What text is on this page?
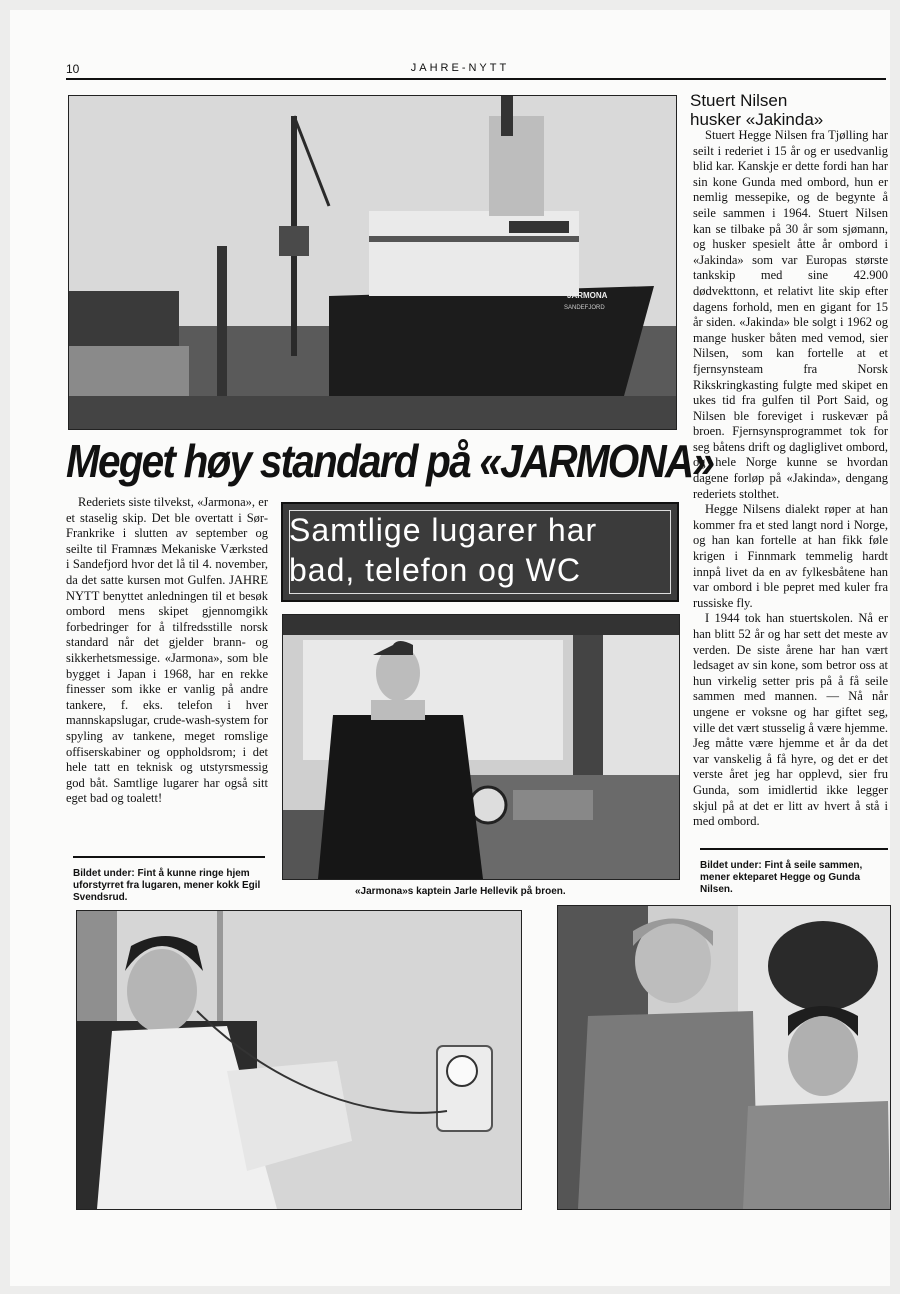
10	JAHRE-NYTT
JARMONA
SANDEFJORD
Meget høy standard på «JARMONA»

Rederiets siste tilvekst, «Jarmona», er et staselig skip. Det ble overtatt i Sør-Frankrike i slutten av september og seilte til Framnæs Mekaniske Værksted i Sandefjord hvor det lå til 4. november, da det satte kursen mot Gulfen. JAHRE NYTT benyttet anledningen til et besøk ombord mens skipet gjennomgikk forbedringer for å tilfredsstille norsk standard når det gjelder brann- og sikkerhetsmessige. «Jarmona», som ble bygget i Japan i 1968, har en rekke finesser som ikke er vanlig på andre tankere, f. eks. telefon i hver mannskapslugar, crude-wash-system for spyling av tankene, meget romslige offiserskabiner og oppholdsrom; i det hele tatt en teknisk og utstyrsmessig god båt. Samtlige lugarer har også sitt eget bad og toalett!

Samtlige lugarer har
bad, telefon og WC
Stuert Nilsen
husker «Jakinda»

Stuert Hegge Nilsen fra Tjølling har seilt i rederiet i 15 år og er usedvanlig blid kar. Kanskje er dette fordi han har sin kone Gunda med ombord, hun er nemlig messepike, og de begynte å seile sammen i 1964. Stuert Nilsen kan se tilbake på 30 år som sjømann, og husker spesielt åtte år ombord i «Jakinda» som var Europas største tankskip med sine 42.900 dødvekttonn, et relativt lite skip efter dagens forhold, men en gigant for 15 år siden. «Jakinda» ble solgt i 1962 og mange husker båten med vemod, sier Nilsen, som kan fortelle at et fjernsynsteam fra Norsk Rikskringkasting fulgte med skipet en ukes tid fra gulfen til Port Said, og Nilsen ble foreviget i ruskevær på broen. Fjernsynsprogrammet tok for seg båtens drift og dagliglivet ombord, og hele Norge kunne se hvordan dagene forløp på «Jakinda», dengang rederiets stolthet.

Hegge Nilsens dialekt røper at han kommer fra et sted langt nord i Norge, og han kan fortelle at han fikk føle krigen i Finnmark temmelig hardt innpå livet da en av fylkesbåtene han var ombord i ble pepret med kuler fra russiske fly.

I 1944 tok han stuertskolen. Nå er han blitt 52 år og har sett det meste av verden. De siste årene har han vært ledsaget av sin kone, som betror oss at hun virkelig setter pris på å få seile sammen med mannen. — Nå når ungene er voksne og har giftet seg, ville det vært stusselig å være hjemme. Jeg måtte være hjemme et år da det var vanskelig å få hyre, og det er det verste året jeg har opplevd, sier fru Gunda, som imidlertid ikke legger skjul på at det er litt av hvert å stå i med ombord.

Bildet under: Fint å kunne ringe hjem uforstyrret fra lugaren, mener kokk Egil Svendsrud.
«Jarmona»s kaptein Jarle Hellevik på broen.
Bildet under: Fint å seile sammen, mener ekteparet Hegge og Gunda Nilsen.
